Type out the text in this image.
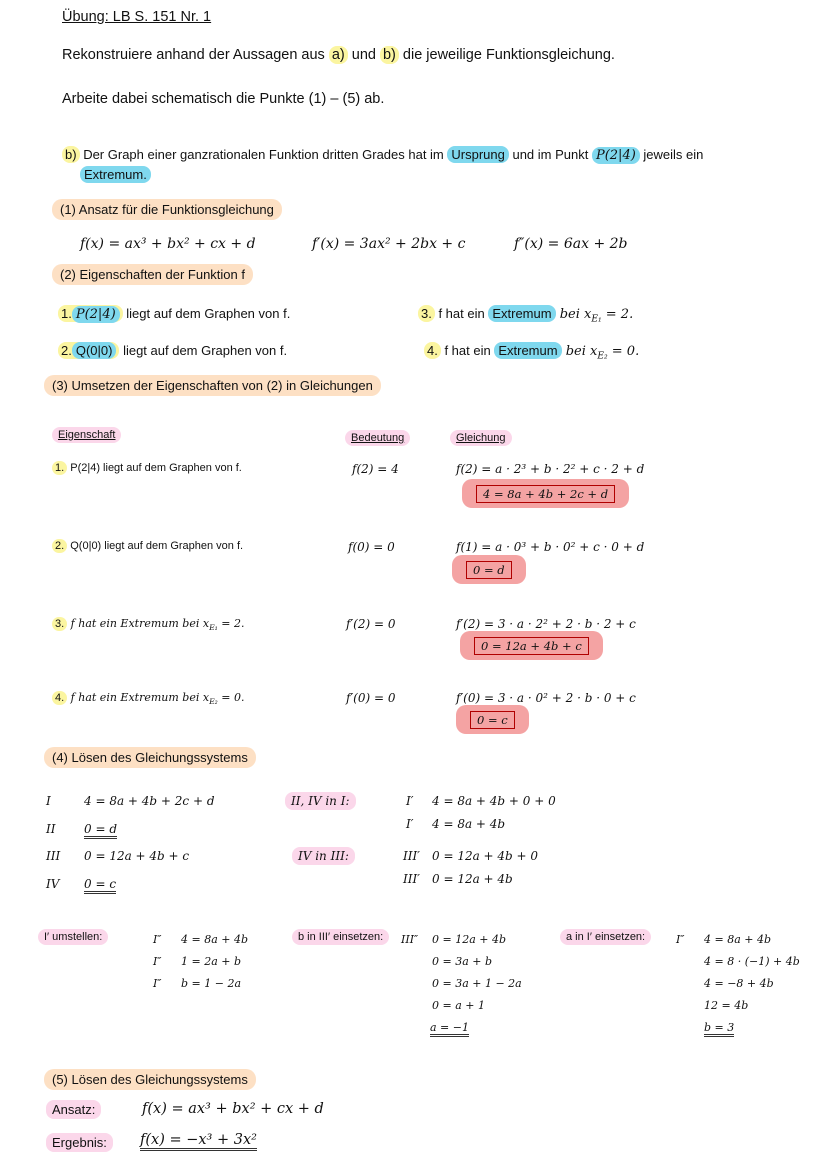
Übung: LB S. 151 Nr. 1
Rekonstruiere anhand der Aussagen aus a) und b) die jeweilige Funktionsgleichung.
Arbeite dabei schematisch die Punkte (1) – (5) ab.
b) Der Graph einer ganzrationalen Funktion dritten Grades hat im Ursprung und im Punkt P(2|4) jeweils ein
Extremum.
(1) Ansatz für die Funktionsgleichung
f(x) = ax³ + bx² + cx + d	f′(x) = 3ax² + 2bx + c	f″(x) = 6ax + 2b
(2) Eigenschaften der Funktion f
1. P(2|4) liegt auf dem Graphen von f.
2. Q(0|0) liegt auf dem Graphen von f.
3. f hat ein Extremum bei $x_{E_1} = 2$.
4. f hat ein Extremum bei $x_{E_2} = 0$.
(3) Umsetzen der Eigenschaften von (2) in Gleichungen
Eigenschaft	Bedeutung	Gleichung
1. P(2|4) liegt auf dem Graphen von f.	f(2) = 4	f(2) = a · 2³ + b · 2² + c · 2 + d
4 = 8a + 4b + 2c + d
2. Q(0|0) liegt auf dem Graphen von f.	f(0) = 0	f(1) = a · 0³ + b · 0² + c · 0 + d
0 = d
3. f hat ein Extremum bei $x_{E_1} = 2$.	f′(2) = 0	f′(2) = 3 · a · 2² + 2 · b · 2 + c
0 = 12a + 4b + c
4. f hat ein Extremum bei $x_{E_2} = 0$.	f′(0) = 0	f′(0) = 3 · a · 0² + 2 · b · 0 + c
0 = c
(4) Lösen des Gleichungssystems
I	4 = 8a + 4b + 2c + d
II 0 = d
III 0 = 12a + 4b + c
IV 0 = c
II, IV in I:	I′ 4 = 8a + 4b + 0 + 0
I′ 4 = 8a + 4b
IV in III:	III′ 0 = 12a + 4b + 0
III′ 0 = 12a + 4b
I′ umstellen:	I″ 4 = 8a + 4b
I″ 1 = 2a + b
I″ b = 1 − 2a
b in III′ einsetzen:	III″ 0 = 12a + 4b
0 = 3a + b
0 = 3a + 1 − 2a
0 = a + 1
a = −1
a in I′ einsetzen:	I″ 4 = 8a + 4b
4 = 8 · (−1) + 4b
4 = −8 + 4b
12 = 4b
b = 3
(5) Lösen des Gleichungssystems
Ansatz:	f(x) = ax³ + bx² + cx + d
Ergebnis:	f(x) = −x³ + 3x²
